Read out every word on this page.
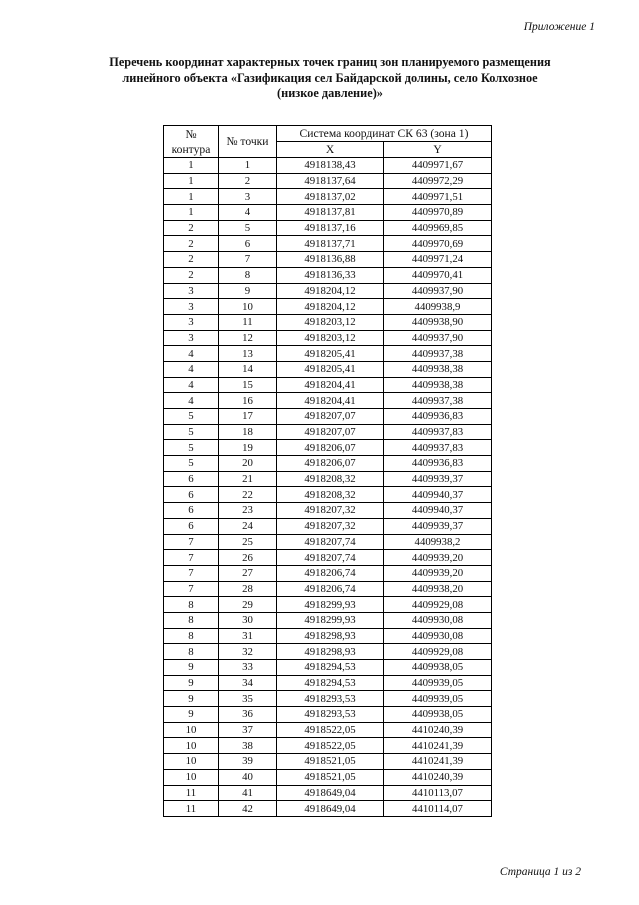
Приложение 1
Перечень координат характерных точек границ зон планируемого размещения
линейного объекта «Газификация сел Байдарской долины, село Колхозное
(низкое давление)»
№
контура	№ точки	Система координат СК 63 (зона 1)	
		X	Y
1	1	4918138,43	4409971,67
1	2	4918137,64	4409972,29
1	3	4918137,02	4409971,51
1	4	4918137,81	4409970,89
2	5	4918137,16	4409969,85
2	6	4918137,71	4409970,69
2	7	4918136,88	4409971,24
2	8	4918136,33	4409970,41
3	9	4918204,12	4409937,90
3	10	4918204,12	4409938,9
3	11	4918203,12	4409938,90
3	12	4918203,12	4409937,90
4	13	4918205,41	4409937,38
4	14	4918205,41	4409938,38
4	15	4918204,41	4409938,38
4	16	4918204,41	4409937,38
5	17	4918207,07	4409936,83
5	18	4918207,07	4409937,83
5	19	4918206,07	4409937,83
5	20	4918206,07	4409936,83
6	21	4918208,32	4409939,37
6	22	4918208,32	4409940,37
6	23	4918207,32	4409940,37
6	24	4918207,32	4409939,37
7	25	4918207,74	4409938,2
7	26	4918207,74	4409939,20
7	27	4918206,74	4409939,20
7	28	4918206,74	4409938,20
8	29	4918299,93	4409929,08
8	30	4918299,93	4409930,08
8	31	4918298,93	4409930,08
8	32	4918298,93	4409929,08
9	33	4918294,53	4409938,05
9	34	4918294,53	4409939,05
9	35	4918293,53	4409939,05
9	36	4918293,53	4409938,05
10	37	4918522,05	4410240,39
10	38	4918522,05	4410241,39
10	39	4918521,05	4410241,39
10	40	4918521,05	4410240,39
11	41	4918649,04	4410113,07
11	42	4918649,04	4410114,07
Страница 1 из 2
